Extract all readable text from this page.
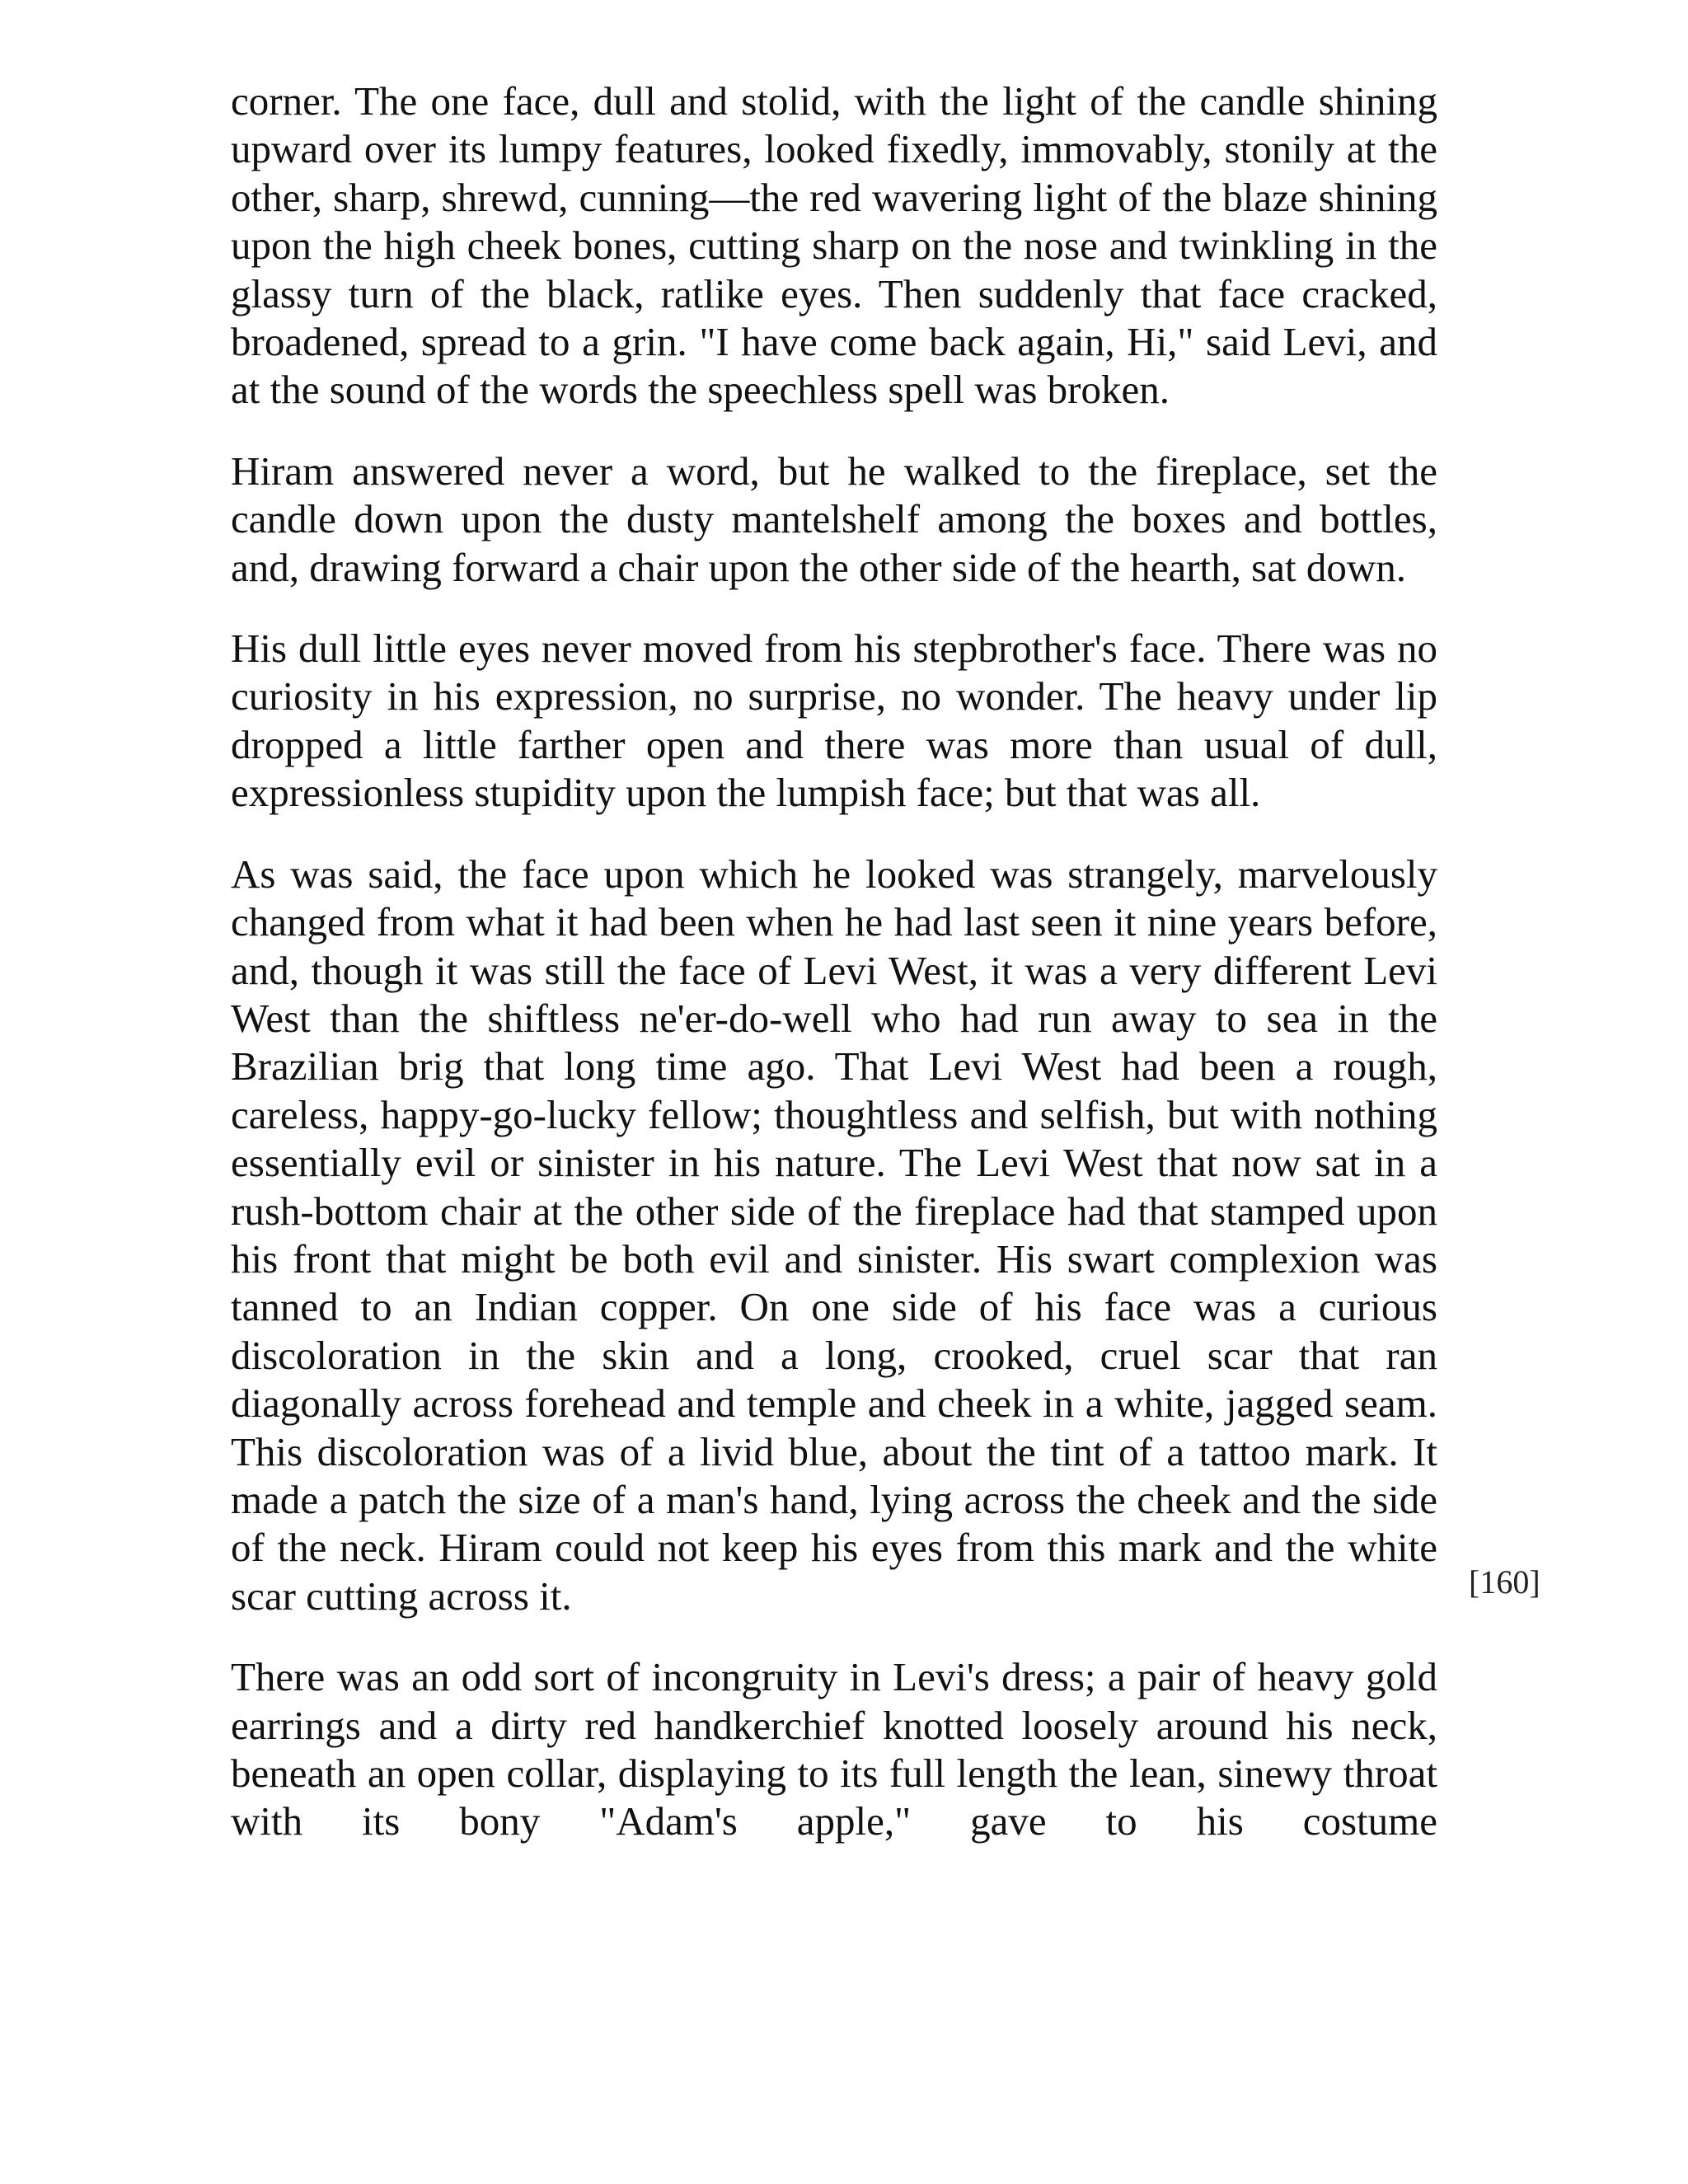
corner. The one face, dull and stolid, with the light of the candle shining upward over its lumpy features, looked fixedly, immovably, stonily at the other, sharp, shrewd, cunning—the red wavering light of the blaze shining upon the high cheek bones, cutting sharp on the nose and twinkling in the glassy turn of the black, ratlike eyes. Then suddenly that face cracked, broadened, spread to a grin. "I have come back again, Hi," said Levi, and at the sound of the words the speechless spell was broken.

Hiram answered never a word, but he walked to the fireplace, set the candle down upon the dusty mantelshelf among the boxes and bottles, and, drawing forward a chair upon the other side of the hearth, sat down.

His dull little eyes never moved from his stepbrother's face. There was no curiosity in his expression, no surprise, no wonder. The heavy under lip dropped a little farther open and there was more than usual of dull, expressionless stupidity upon the lumpish face; but that was all.

As was said, the face upon which he looked was strangely, marvelously changed from what it had been when he had last seen it nine years before, and, though it was still the face of Levi West, it was a very different Levi West than the shiftless ne'er-do-well who had run away to sea in the Brazilian brig that long time ago. That Levi West had been a rough, careless, happy-go-lucky fellow; thoughtless and selfish, but with nothing essentially evil or sinister in his nature. The Levi West that now sat in a rush-bottom chair at the other side of the fireplace had that stamped upon his front that might be both evil and sinister. His swart complexion was tanned to an Indian copper. On one side of his face was a curious discoloration in the skin and a long, crooked, cruel scar that ran diagonally across forehead and temple and cheek in a white, jagged seam. This discoloration was of a livid blue, about the tint of a tattoo mark. It made a patch the size of a man's hand, lying across the cheek and the side of the neck. Hiram could not keep his eyes from this mark and the white scar cutting across it.

There was an odd sort of incongruity in Levi's dress; a pair of heavy gold earrings and a dirty red handkerchief knotted loosely around his neck, beneath an open collar, displaying to its full length the lean, sinewy throat with its bony "Adam's apple," gave to his costume

[160]
